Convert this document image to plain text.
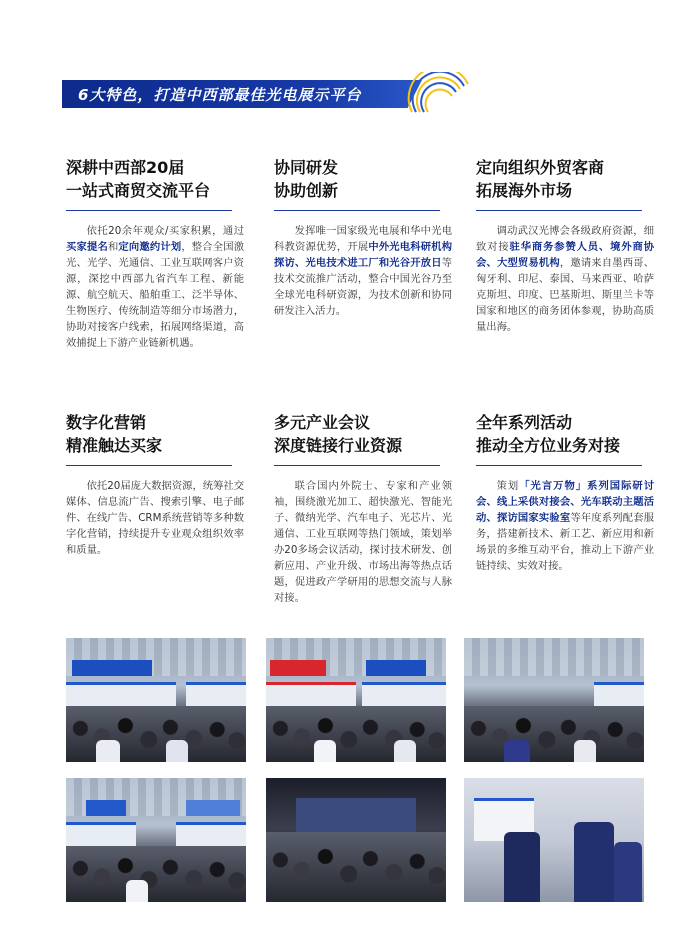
6大特色，打造中西部最佳光电展示平台
深耕中西部20届
一站式商贸交流平台
依托20余年观众/买家积累，通过买家提名和定向邀约计划，整合全国激光、光学、光通信、工业互联网客户资源，深挖中西部九省汽车工程、新能源、航空航天、船舶重工、泛半导体、生物医疗、传统制造等细分市场潜力，协助对接客户线索，拓展网络渠道，高效捕捉上下游产业链新机遇。
协同研发
协助创新
发挥唯一国家级光电展和华中光电科教资源优势，开展中外光电科研机构探访、光电技术进工厂和光谷开放日等技术交流推广活动，整合中国光谷乃至全球光电科研资源，为技术创新和协同研发注入活力。
定向组织外贸客商
拓展海外市场
调动武汉光博会各级政府资源，细致对接驻华商务参赞人员、境外商协会、大型贸易机构，邀请来自墨西哥、匈牙利、印尼、泰国、马来西亚、哈萨克斯坦、印度、巴基斯坦、斯里兰卡等国家和地区的商务团体参观，协助高质量出海。
数字化营销
精准触达买家
依托20届庞大数据资源，统筹社交媒体、信息流广告、搜索引擎、电子邮件、在线广告、CRM系统营销等多种数字化营销，持续提升专业观众组织效率和质量。
多元产业会议
深度链接行业资源
联合国内外院士、专家和产业领袖，围绕激光加工、超快激光、智能光子、微纳光学、汽车电子、光芯片、光通信、工业互联网等热门领域，策划举办20多场会议活动，探讨技术研发、创新应用、产业升级、市场出海等热点话题，促进政产学研用的思想交流与人脉对接。
全年系列活动
推动全方位业务对接
策划「光言万物」系列国际研讨会、线上采供对接会、光车联动主题活动、探访国家实验室等年度系列配套服务，搭建新技术、新工艺、新应用和新场景的多维互动平台，推动上下游产业链持续、实效对接。
